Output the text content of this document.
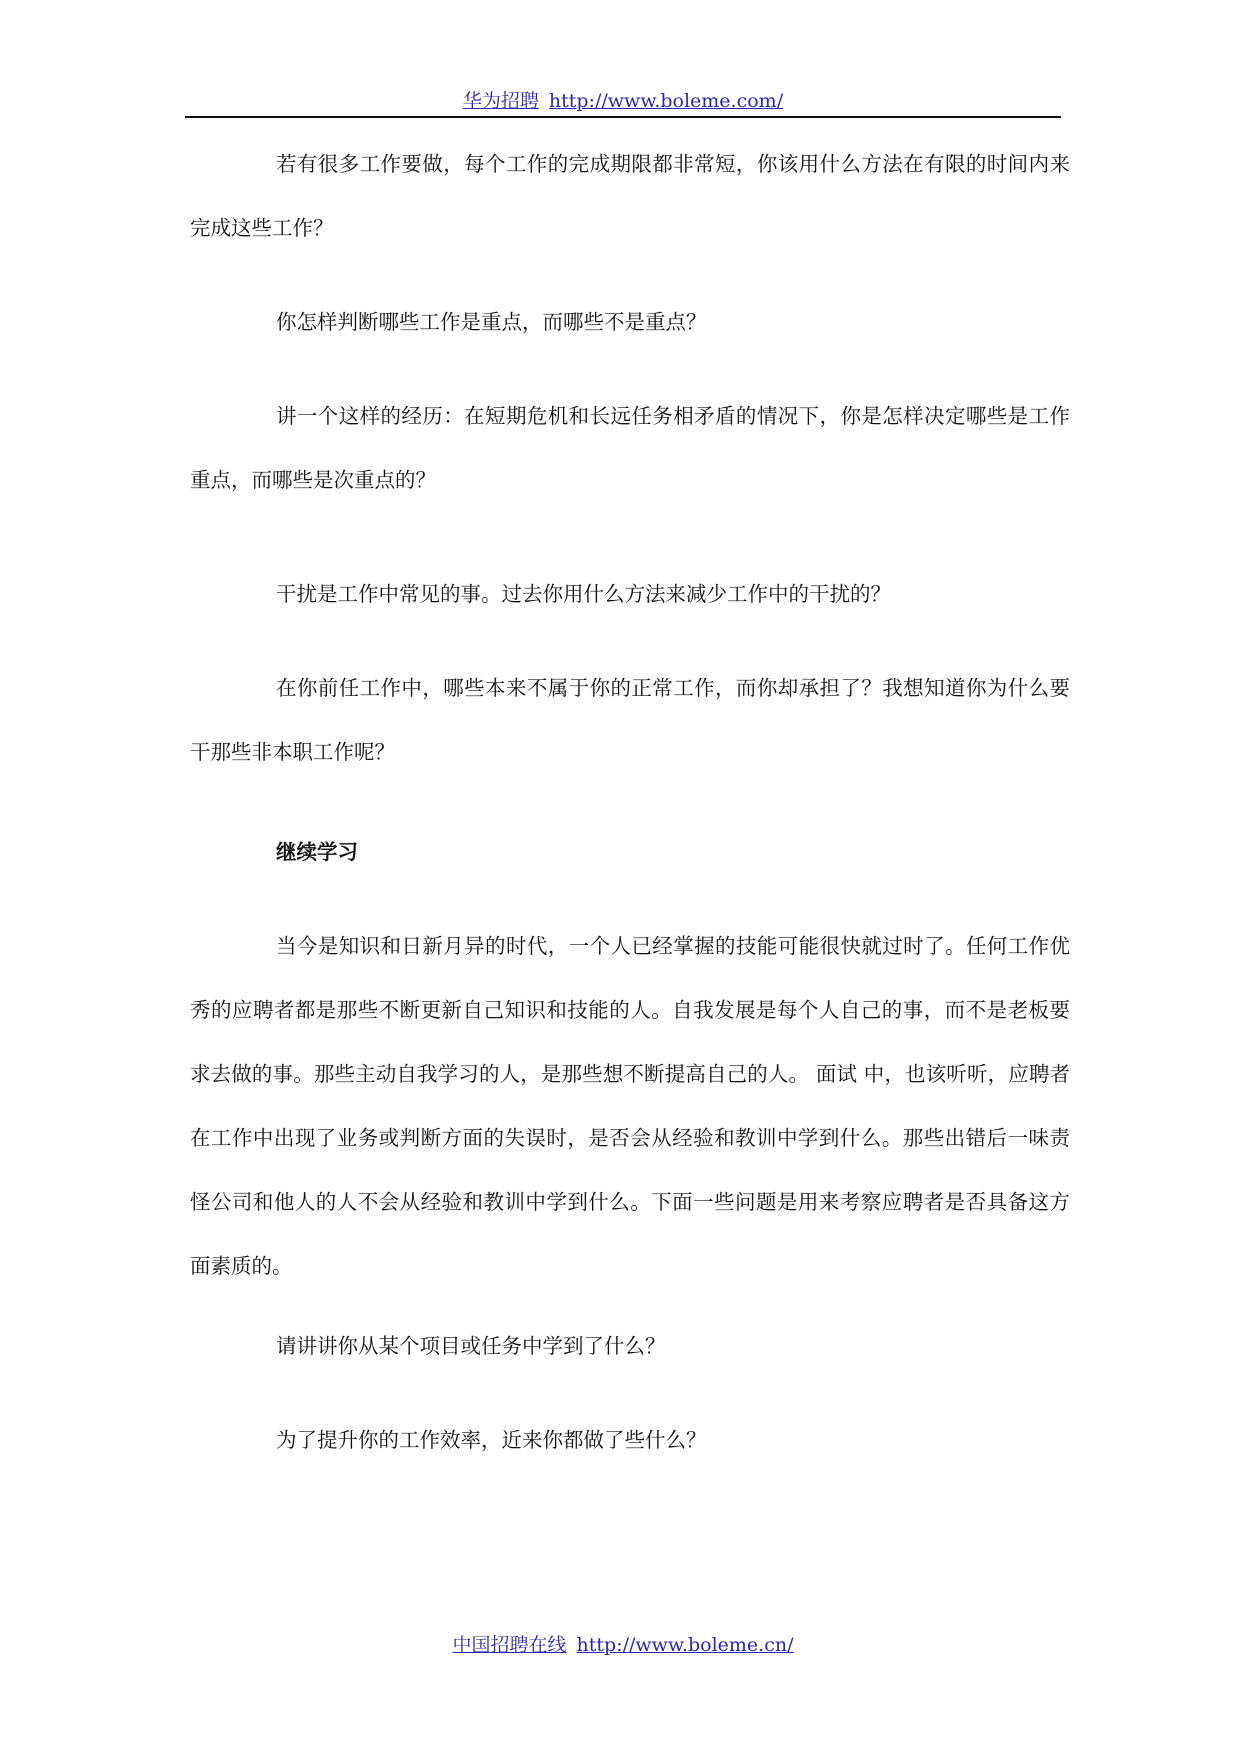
华为招聘 http://www.boleme.com/

若有很多工作要做，每个工作的完成期限都非常短，你该用什么方法在有限的时间内来完成这些工作？

你怎样判断哪些工作是重点，而哪些不是重点？

讲一个这样的经历：在短期危机和长远任务相矛盾的情况下，你是怎样决定哪些是工作重点，而哪些是次重点的？

干扰是工作中常见的事。过去你用什么方法来减少工作中的干扰的？

在你前任工作中，哪些本来不属于你的正常工作，而你却承担了？我想知道你为什么要干那些非本职工作呢？

继续学习

当今是知识和日新月异的时代，一个人已经掌握的技能可能很快就过时了。任何工作优秀的应聘者都是那些不断更新自己知识和技能的人。自我发展是每个人自己的事，而不是老板要求去做的事。那些主动自我学习的人，是那些想不断提高自己的人。 面试 中，也该听听，应聘者在工作中出现了业务或判断方面的失误时，是否会从经验和教训中学到什么。那些出错后一味责怪公司和他人的人不会从经验和教训中学到什么。下面一些问题是用来考察应聘者是否具备这方面素质的。

请讲讲你从某个项目或任务中学到了什么？

为了提升你的工作效率，近来你都做了些什么？

中国招聘在线 http://www.boleme.cn/
